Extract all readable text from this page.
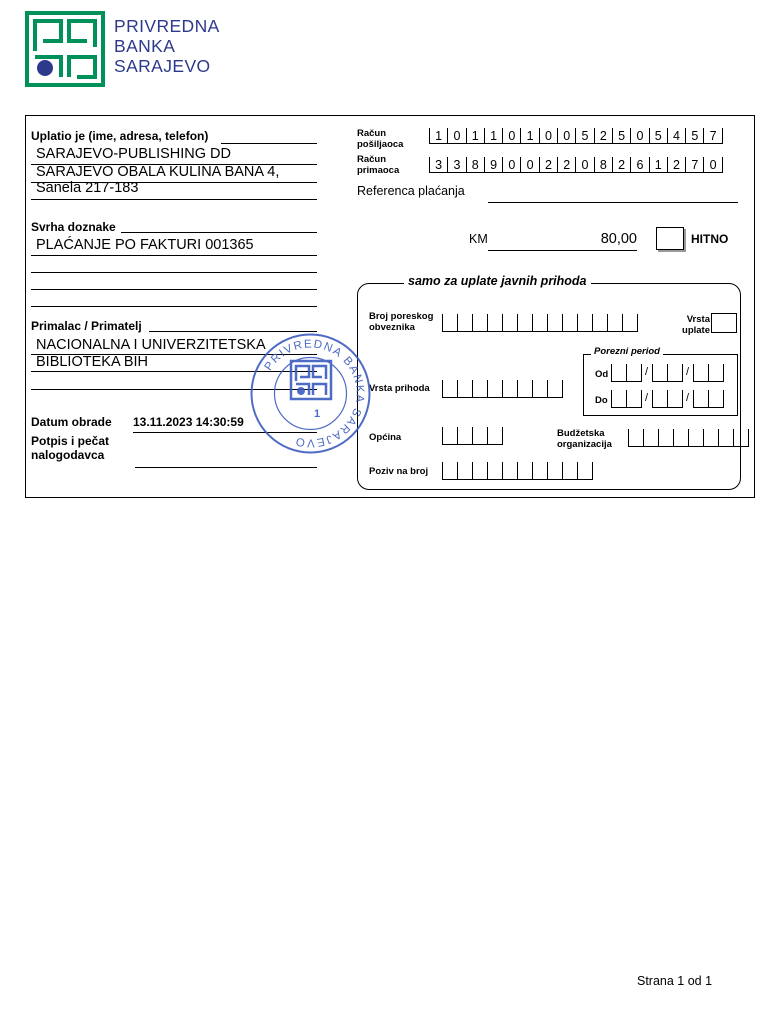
PRIVREDNA
BANKA
SARAJEVO
Uplatio je (ime, adresa, telefon)
SARAJEVO-PUBLISHING DD
SARAJEVO OBALA KULINA BANA 4,
Sanela 217-183
Svrha doznake
PLAĆANJE PO FAKTURI 001365
Primalac / Primatelj
NACIONALNA I UNIVERZITETSKA
BIBLIOTEKA BIH
Datum obrade 13.11.2023 14:30:59
Potpis i pečat
nalogodavca
Račun
pošiljaoca
1 0 1 1 0 1 0 0 5 2 5 0 5 4 5 7
Račun
primaoca	3 3 8 9 0 0 2 2 0 8 2 6 1 2 7 0
Referenca plaćanja
KM	80,00	HITNO
samo za uplate javnih prihoda
Broj poreskog
obveznika
Vrsta
uplate
Porezni period
Od	/	/
Do	/	/
Vrsta prihoda
Općina	Budžetska
organizacija
Poziv na broj
PRIVREDNA BANKA SARAJEVO
1
Strana 1 od 1
